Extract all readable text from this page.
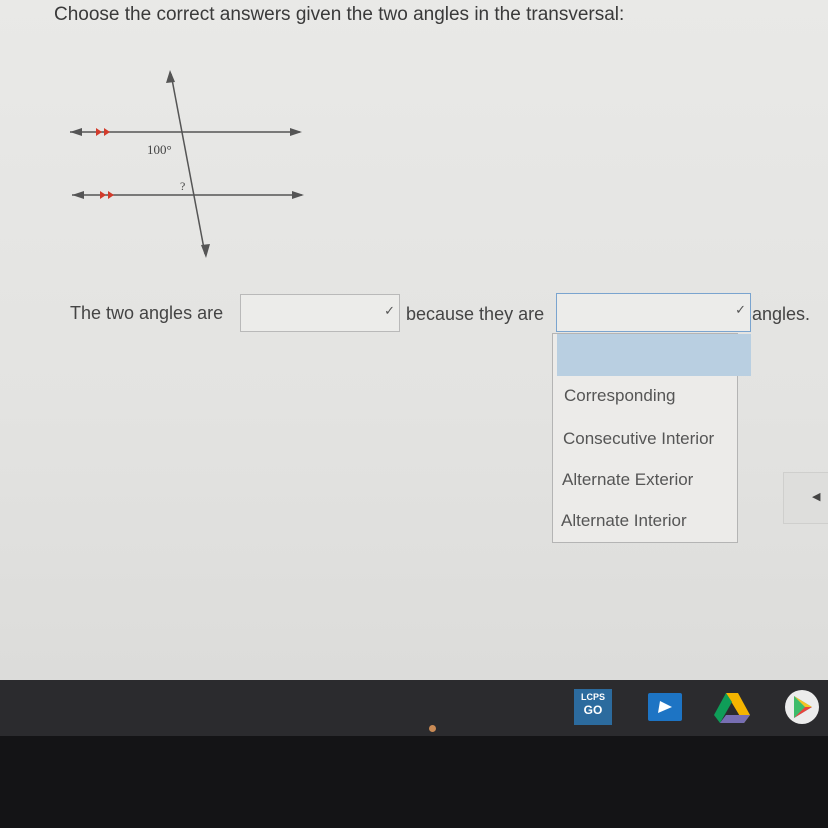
Choose the correct answers given the two angles in the transversal:
100°
?
The two angles are	✓ because they are	✓ angles.
Corresponding
Consecutive Interior
Alternate Exterior
Alternate Interior
◀
LCPS
GO
